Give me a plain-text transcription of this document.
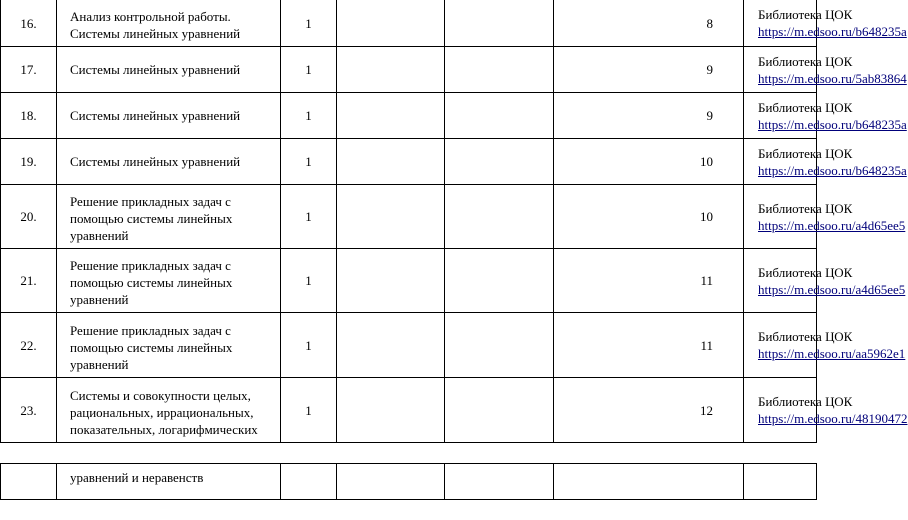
16.	Анализ контрольной работы. Системы линейных уравнений	1			8	Библиотека ЦОК
https://m.edsoo.ru/b648235a
17.	Системы линейных уравнений	1			9	Библиотека ЦОК
https://m.edsoo.ru/5ab83864
18.	Системы линейных уравнений	1			9	Библиотека ЦОК
https://m.edsoo.ru/b648235a
19.	Системы линейных уравнений	1			10	Библиотека ЦОК
https://m.edsoo.ru/b648235a
20.	Решение прикладных задач с помощью системы линейных уравнений	1			10	Библиотека ЦОК
https://m.edsoo.ru/a4d65ee5
21.	Решение прикладных задач с помощью системы линейных уравнений	1			11	Библиотека ЦОК
https://m.edsoo.ru/a4d65ee5
22.	Решение прикладных задач с помощью системы линейных уравнений	1			11	Библиотека ЦОК
https://m.edsoo.ru/aa5962e1
23.	Системы и совокупности целых, рациональных, иррациональных, показательных, логарифмических	1			12	Библиотека ЦОК
https://m.edsoo.ru/48190472

уравнений и неравенств
